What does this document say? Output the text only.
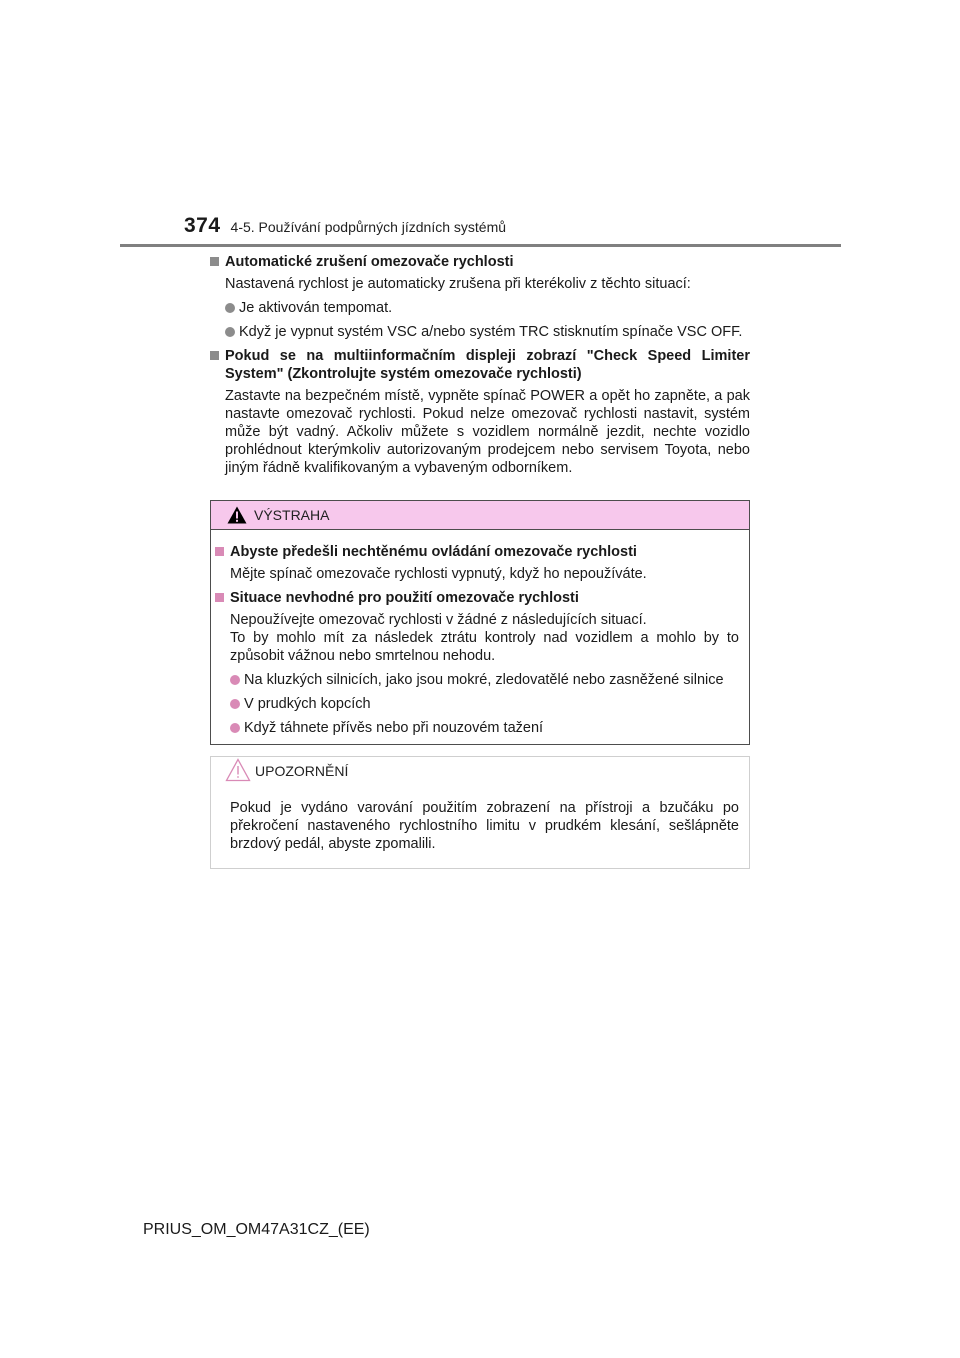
374 4-5. Používání podpůrných jízdních systémů
Automatické zrušení omezovače rychlosti
Nastavená rychlost je automaticky zrušena při kterékoliv z těchto situací:
Je aktivován tempomat.
Když je vypnut systém VSC a/nebo systém TRC stisknutím spínače VSC OFF.
Pokud se na multiinformačním displeji zobrazí "Check Speed Limiter System" (Zkontrolujte systém omezovače rychlosti)
Zastavte na bezpečném místě, vypněte spínač POWER a opět ho zapněte, a pak nastavte omezovač rychlosti. Pokud nelze omezovač rychlosti nastavit, systém může být vadný. Ačkoliv můžete s vozidlem normálně jezdit, nechte vozidlo prohlédnout kterýmkoliv autorizovaným prodejcem nebo servisem Toyota, nebo jiným řádně kvalifikovaným a vybaveným odborníkem.
VÝSTRAHA
Abyste předešli nechtěnému ovládání omezovače rychlosti
Mějte spínač omezovače rychlosti vypnutý, když ho nepoužíváte.
Situace nevhodné pro použití omezovače rychlosti
Nepoužívejte omezovač rychlosti v žádné z následujících situací.
To by mohlo mít za následek ztrátu kontroly nad vozidlem a mohlo by to způsobit vážnou nebo smrtelnou nehodu.
Na kluzkých silnicích, jako jsou mokré, zledovatělé nebo zasněžené silnice
V prudkých kopcích
Když táhnete přívěs nebo při nouzovém tažení
UPOZORNĚNÍ
Pokud je vydáno varování použitím zobrazení na přístroji a bzučáku po překročení nastaveného rychlostního limitu v prudkém klesání, sešlápněte brzdový pedál, abyste zpomalili.
PRIUS_OM_OM47A31CZ_(EE)
